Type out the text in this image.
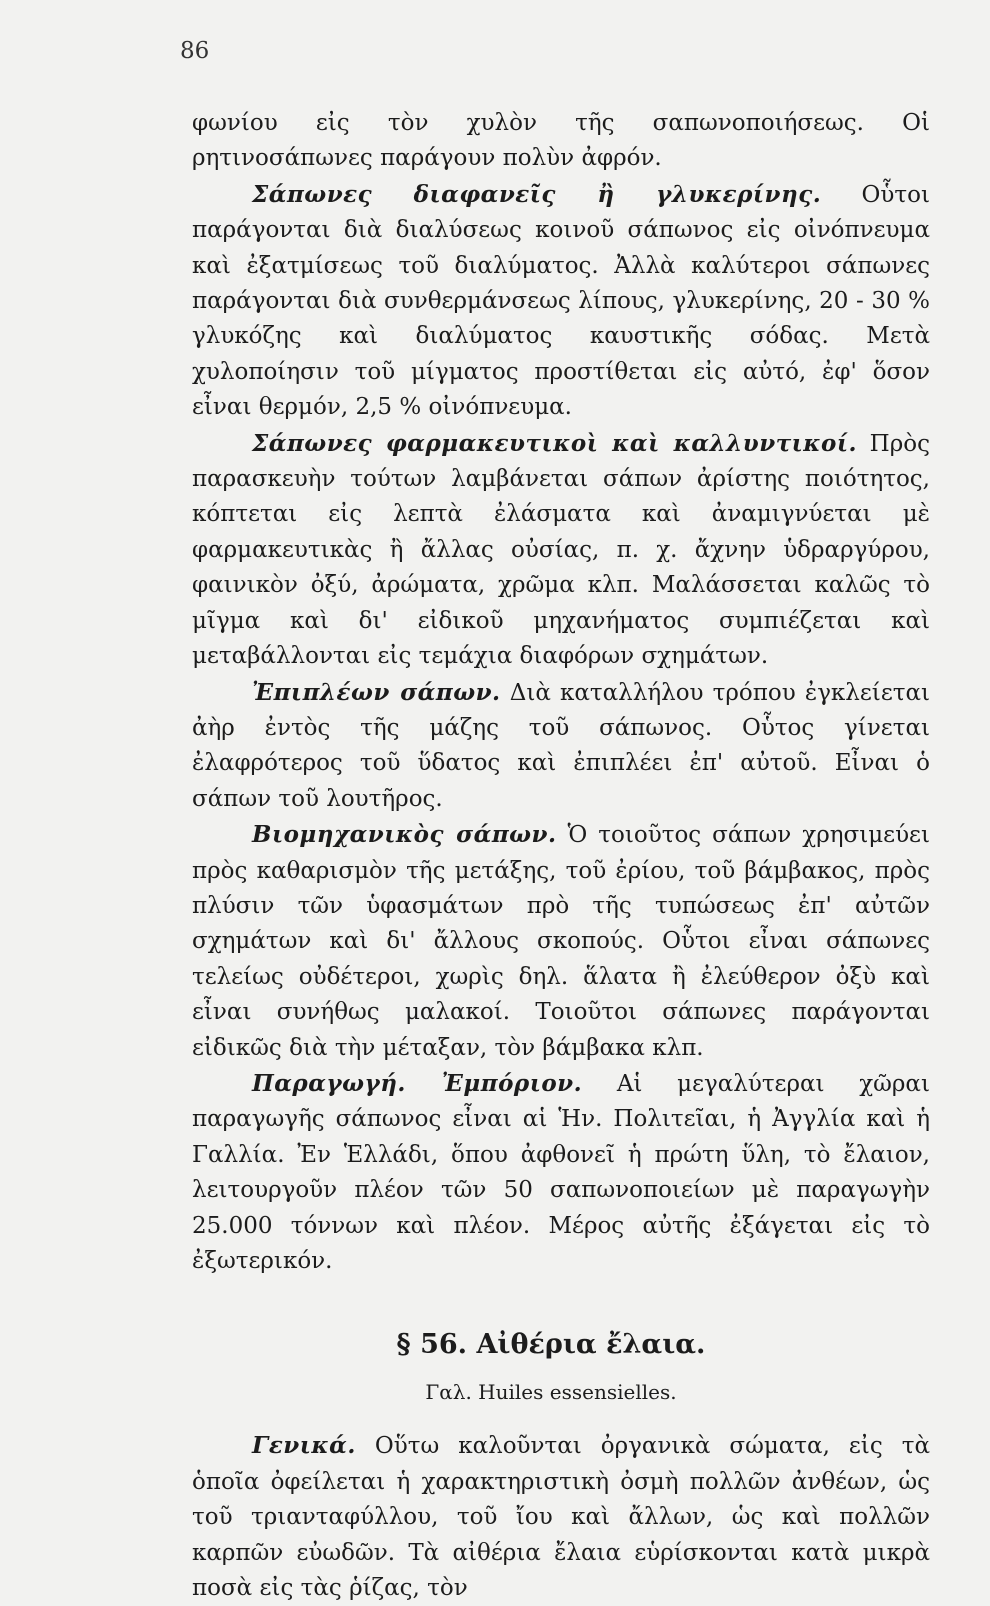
86

φωνίου εἰς τὸν χυλὸν τῆς σαπωνοποιήσεως. Οἱ ρητινοσάπωνες παράγουν πολὺν ἀφρόν.

Σάπωνες διαφανεῖς ἢ γλυκερίνης. Οὗτοι παράγονται διὰ διαλύσεως κοινοῦ σάπωνος εἰς οἰνόπνευμα καὶ ἐξατμίσεως τοῦ διαλύματος. Ἀλλὰ καλύτεροι σάπωνες παράγονται διὰ συνθερμάνσεως λίπους, γλυκερίνης, 20 - 30 % γλυκόζης καὶ διαλύματος καυστικῆς σόδας. Μετὰ χυλοποίησιν τοῦ μίγματος προστίθεται εἰς αὐτό, ἐφ' ὅσον εἶναι θερμόν, 2,5 % οἰνόπνευμα.

Σάπωνες φαρμακευτικοὶ καὶ καλλυντικοί. Πρὸς παρασκευὴν τούτων λαμβάνεται σάπων ἀρίστης ποιότητος, κόπτεται εἰς λεπτὰ ἐλάσματα καὶ ἀναμιγνύεται μὲ φαρμακευτικὰς ἢ ἄλλας οὐσίας, π. χ. ἄχνην ὑδραργύρου, φαινικὸν ὀξύ, ἀρώματα, χρῶμα κλπ. Μαλάσσεται καλῶς τὸ μῖγμα καὶ δι' εἰδικοῦ μηχανήματος συμπιέζεται καὶ μεταβάλλονται εἰς τεμάχια διαφόρων σχημάτων.

Ἐπιπλέων σάπων. Διὰ καταλλήλου τρόπου ἐγκλείεται ἀὴρ ἐντὸς τῆς μάζης τοῦ σάπωνος. Οὗτος γίνεται ἐλαφρότερος τοῦ ὕδατος καὶ ἐπιπλέει ἐπ' αὐτοῦ. Εἶναι ὁ σάπων τοῦ λουτῆρος.

Βιομηχανικὸς σάπων. Ὁ τοιοῦτος σάπων χρησιμεύει πρὸς καθαρισμὸν τῆς μετάξης, τοῦ ἐρίου, τοῦ βάμβακος, πρὸς πλύσιν τῶν ὑφασμάτων πρὸ τῆς τυπώσεως ἐπ' αὐτῶν σχημάτων καὶ δι' ἄλλους σκοπούς. Οὗτοι εἶναι σάπωνες τελείως οὐδέτεροι, χωρὶς δηλ. ἅλατα ἢ ἐλεύθερον ὀξὺ καὶ εἶναι συνήθως μαλακοί. Τοιοῦτοι σάπωνες παράγονται εἰδικῶς διὰ τὴν μέταξαν, τὸν βάμβακα κλπ.

Παραγωγή. Ἐμπόριον. Αἱ μεγαλύτεραι χῶραι παραγωγῆς σάπωνος εἶναι αἱ Ἡν. Πολιτεῖαι, ἡ Ἀγγλία καὶ ἡ Γαλλία. Ἐν Ἑλλάδι, ὅπου ἀφθονεῖ ἡ πρώτη ὕλη, τὸ ἔλαιον, λειτουργοῦν πλέον τῶν 50 σαπωνοποιείων μὲ παραγωγὴν 25.000 τόννων καὶ πλέον. Μέρος αὐτῆς ἐξάγεται εἰς τὸ ἐξωτερικόν.

§ 56. Αἰθέρια ἔλαια.
Γαλ. Huiles essensielles.

Γενικά. Οὕτω καλοῦνται ὀργανικὰ σώματα, εἰς τὰ ὁποῖα ὀφείλεται ἡ χαρακτηριστικὴ ὀσμὴ πολλῶν ἀνθέων, ὡς τοῦ τριανταφύλλου, τοῦ ἴου καὶ ἄλλων, ὡς καὶ πολλῶν καρπῶν εὐωδῶν. Τὰ αἰθέρια ἔλαια εὑρίσκονται κατὰ μικρὰ ποσὰ εἰς τὰς ῥίζας, τὸν
